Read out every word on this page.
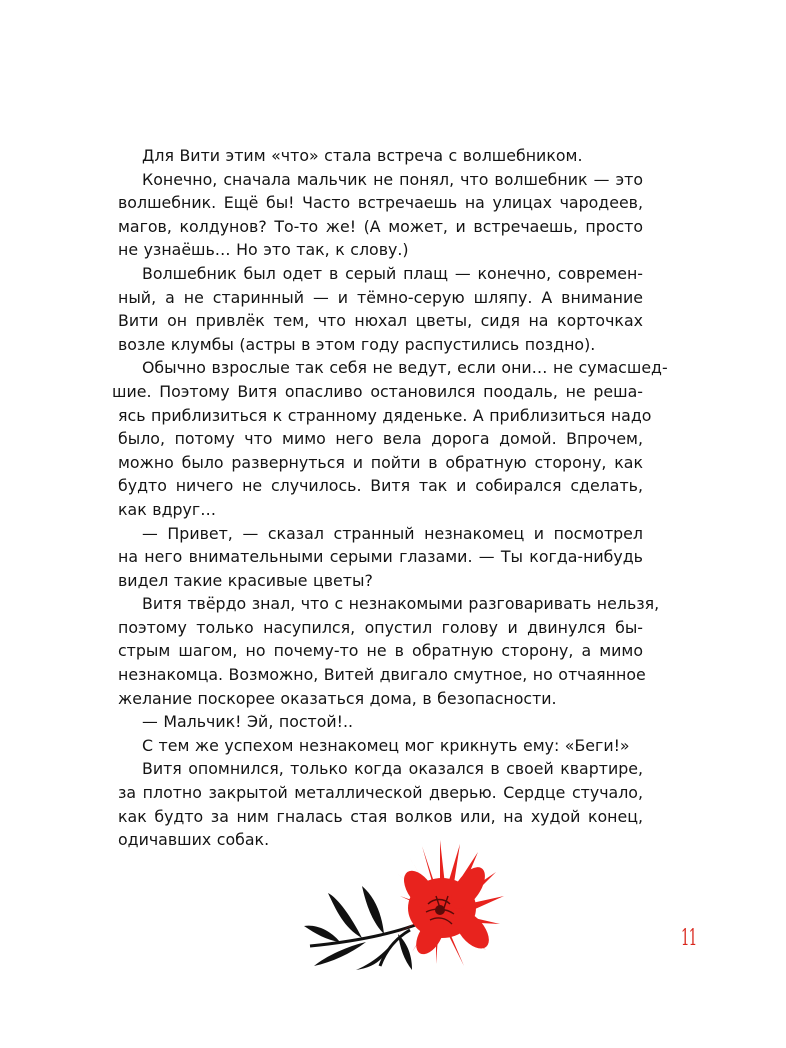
Для Вити этим «что» стала встреча с волшебником.

Конечно, сначала мальчик не понял, что волшебник — это
волшебник. Ещё бы! Часто встречаешь на улицах чародеев,
магов, колдунов? То-то же! (А может, и встречаешь, просто
не узнаёшь… Но это так, к слову.)

Волшебник был одет в серый плащ — конечно, современ-
ный, а не старинный — и тёмно-серую шляпу. А внимание
Вити он привлёк тем, что нюхал цветы, сидя на корточках
возле клумбы (астры в этом году распустились поздно).

Обычно взрослые так себя не ведут, если они… не сумасшед-
шие. Поэтому Витя опасливо остановился поодаль, не реша-
ясь приблизиться к странному дяденьке. А приблизиться надо
было, потому что мимо него вела дорога домой. Впрочем,
можно было развернуться и пойти в обратную сторону, как
будто ничего не случилось. Витя так и собирался сделать,
как вдруг…

— Привет, — сказал странный незнакомец и посмотрел
на него внимательными серыми глазами. — Ты когда-нибудь
видел такие красивые цветы?

Витя твёрдо знал, что с незнакомыми разговаривать нельзя,
поэтому только насупился, опустил голову и двинулся бы-
стрым шагом, но почему-то не в обратную сторону, а мимо
незнакомца. Возможно, Витей двигало смутное, но отчаянное
желание поскорее оказаться дома, в безопасности.

— Мальчик! Эй, постой!..

С тем же успехом незнакомец мог крикнуть ему: «Беги!»

Витя опомнился, только когда оказался в своей квартире,
за плотно закрытой металлической дверью. Сердце стучало,
как будто за ним гналась стая волков или, на худой конец,
одичавших собак.

11
